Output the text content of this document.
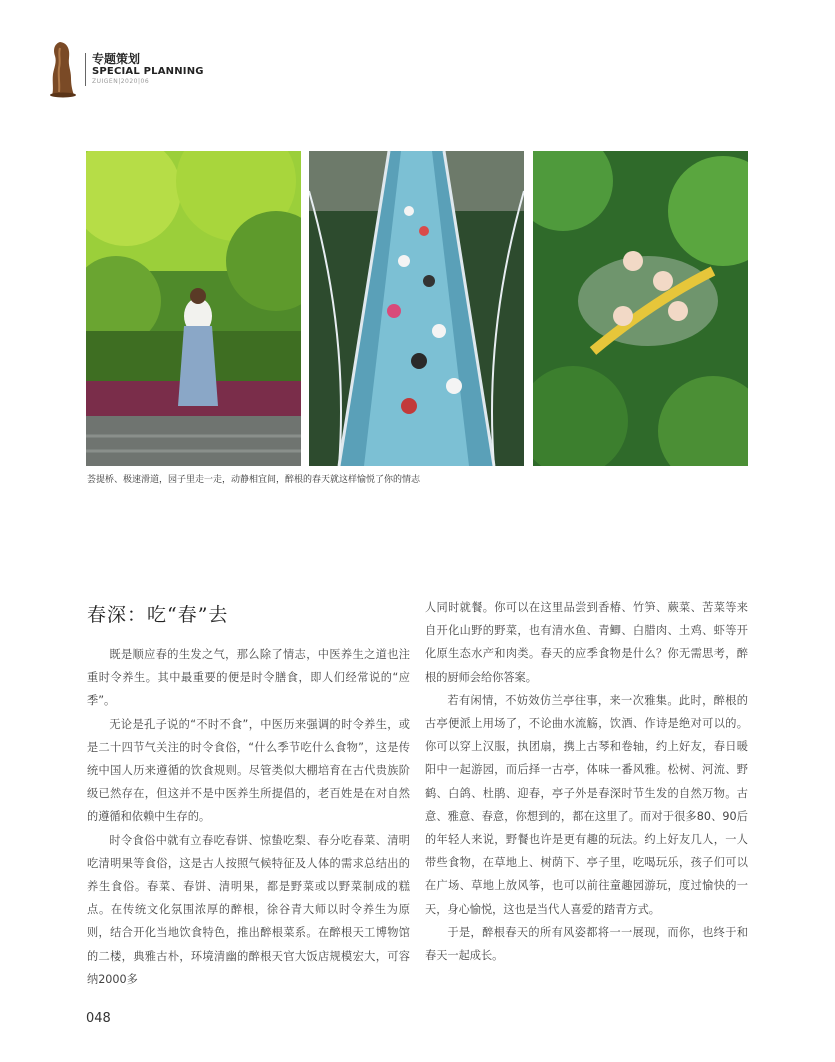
专题策划
SPECIAL PLANNING
ZUIGEN|2020|06
荟提桥、极速滑道，园子里走一走，动静相宜间，醉根的春天就这样愉悦了你的情志
春深：吃“春”去

既是顺应春的生发之气，那么除了情志，中医养生之道也注重时令养生。其中最重要的便是时令膳食，即人们经常说的“应季”。

无论是孔子说的“不时不食”，中医历来强调的时令养生，或是二十四节气关注的时令食俗，“什么季节吃什么食物”，这是传统中国人历来遵循的饮食规则。尽管类似大棚培育在古代贵族阶级已然存在，但这并不是中医养生所提倡的，老百姓是在对自然的遵循和依赖中生存的。

时令食俗中就有立春吃春饼、惊蛰吃梨、春分吃春菜、清明吃清明果等食俗，这是古人按照气候特征及人体的需求总结出的养生食俗。春菜、春饼、清明果，都是野菜或以野菜制成的糕点。在传统文化氛围浓厚的醉根，徐谷青大师以时令养生为原则，结合开化当地饮食特色，推出醉根菜系。在醉根天工博物馆的二楼，典雅古朴，环境清幽的醉根天官大饭店规模宏大，可容纳2000多

人同时就餐。你可以在这里品尝到香椿、竹笋、蕨菜、苦菜等来自开化山野的野菜，也有清水鱼、青鲫、白腊肉、土鸡、虾等开化原生态水产和肉类。春天的应季食物是什么？你无需思考，醉根的厨师会给你答案。

若有闲情，不妨效仿兰亭往事，来一次雅集。此时，醉根的古亭便派上用场了，不论曲水流觞，饮酒、作诗是绝对可以的。你可以穿上汉服，执团扇，携上古琴和卷轴，约上好友，春日暖阳中一起游园，而后择一古亭，体味一番风雅。松树、河流、野鹤、白鸽、杜鹃、迎春，亭子外是春深时节生发的自然万物。古意、雅意、春意，你想到的，都在这里了。而对于很多80、90后的年轻人来说，野餐也许是更有趣的玩法。约上好友几人，一人带些食物，在草地上、树荫下、亭子里，吃喝玩乐，孩子们可以在广场、草地上放风筝，也可以前往童趣园游玩，度过愉快的一天，身心愉悦，这也是当代人喜爱的踏青方式。

于是，醉根春天的所有风姿都将一一展现，而你，也终于和春天一起成长。

048
